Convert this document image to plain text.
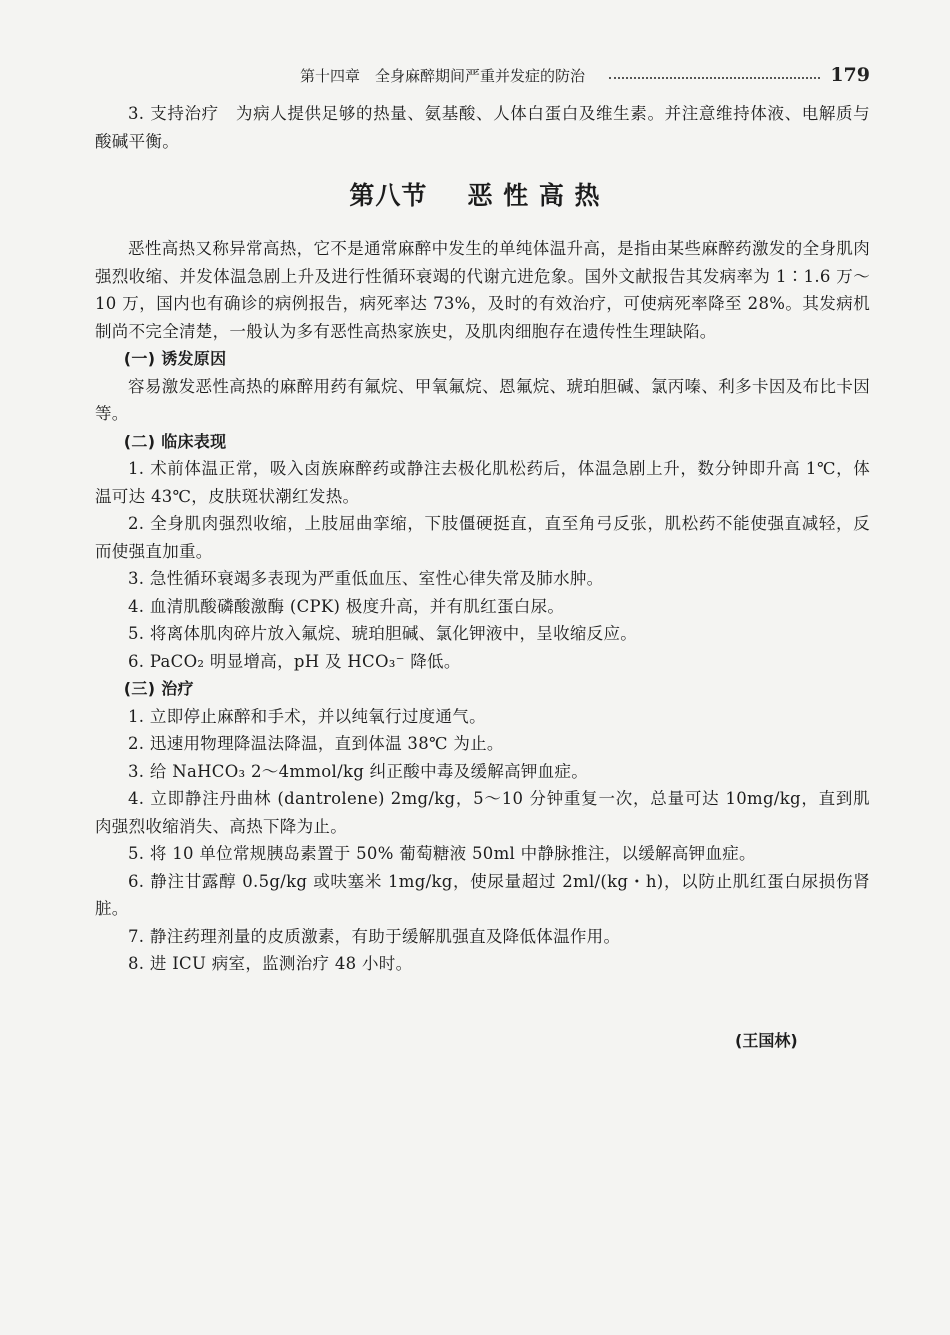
第十四章　全身麻醉期间严重并发症的防治	179

3. 支持治疗　为病人提供足够的热量、氨基酸、人体白蛋白及维生素。并注意维持体液、电解质与酸碱平衡。

第八节 恶 性 高 热

恶性高热又称异常高热，它不是通常麻醉中发生的单纯体温升高，是指由某些麻醉药激发的全身肌肉强烈收缩、并发体温急剧上升及进行性循环衰竭的代谢亢进危象。国外文献报告其发病率为 1∶1.6 万～10 万，国内也有确诊的病例报告，病死率达 73%，及时的有效治疗，可使病死率降至 28%。其发病机制尚不完全清楚，一般认为多有恶性高热家族史，及肌肉细胞存在遗传性生理缺陷。

(一) 诱发原因

容易激发恶性高热的麻醉用药有氟烷、甲氧氟烷、恩氟烷、琥珀胆碱、氯丙嗪、利多卡因及布比卡因等。

(二) 临床表现

1. 术前体温正常，吸入卤族麻醉药或静注去极化肌松药后，体温急剧上升，数分钟即升高 1℃，体温可达 43℃，皮肤斑状潮红发热。

2. 全身肌肉强烈收缩，上肢屈曲挛缩，下肢僵硬挺直，直至角弓反张，肌松药不能使强直减轻，反而使强直加重。

3. 急性循环衰竭多表现为严重低血压、室性心律失常及肺水肿。

4. 血清肌酸磷酸激酶 (CPK) 极度升高，并有肌红蛋白尿。

5. 将离体肌肉碎片放入氟烷、琥珀胆碱、氯化钾液中，呈收缩反应。

6. PaCO₂ 明显增高，pH 及 HCO₃⁻ 降低。

(三) 治疗

1. 立即停止麻醉和手术，并以纯氧行过度通气。

2. 迅速用物理降温法降温，直到体温 38℃ 为止。

3. 给 NaHCO₃ 2～4mmol/kg 纠正酸中毒及缓解高钾血症。

4. 立即静注丹曲林 (dantrolene) 2mg/kg，5～10 分钟重复一次，总量可达 10mg/kg，直到肌肉强烈收缩消失、高热下降为止。

5. 将 10 单位常规胰岛素置于 50% 葡萄糖液 50ml 中静脉推注，以缓解高钾血症。

6. 静注甘露醇 0.5g/kg 或呋塞米 1mg/kg，使尿量超过 2ml/(kg・h)，以防止肌红蛋白尿损伤肾脏。

7. 静注药理剂量的皮质激素，有助于缓解肌强直及降低体温作用。

8. 进 ICU 病室，监测治疗 48 小时。

(王国林)
